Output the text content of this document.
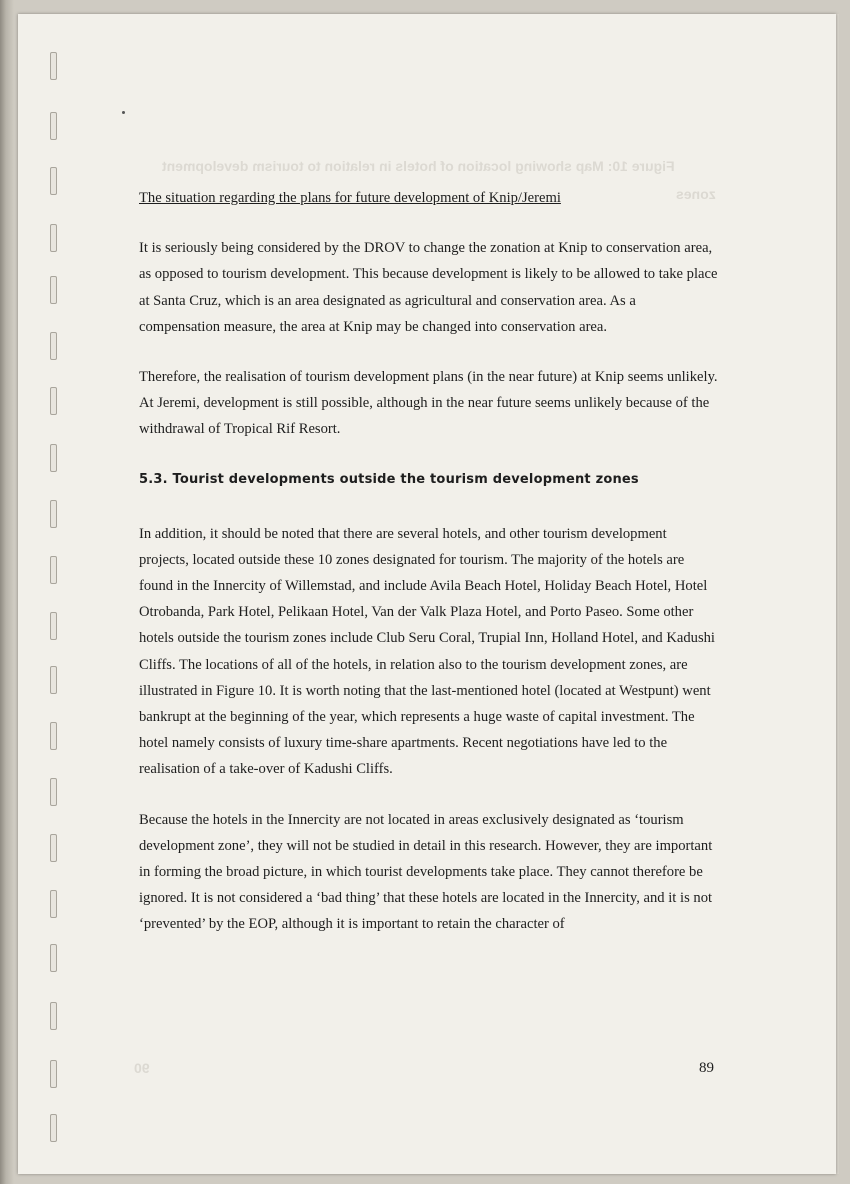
Figure 10: Map showing location of hotels in relation to tourism development
zones
90

The situation regarding the plans for future development of Knip/Jeremi

It is seriously being considered by the DROV to change the zonation at Knip to conservation area, as opposed to tourism development. This because development is likely to be allowed to take place at Santa Cruz, which is an area designated as agricultural and conservation area. As a compensation measure, the area at Knip may be changed into conservation area.

Therefore, the realisation of tourism development plans (in the near future) at Knip seems unlikely. At Jeremi, development is still possible, although in the near future seems unlikely because of the withdrawal of Tropical Rif Resort.

5.3. Tourist developments outside the tourism development zones

In addition, it should be noted that there are several hotels, and other tourism development projects, located outside these 10 zones designated for tourism. The majority of the hotels are found in the Innercity of Willemstad, and include Avila Beach Hotel, Holiday Beach Hotel, Hotel Otrobanda, Park Hotel, Pelikaan Hotel, Van der Valk Plaza Hotel, and Porto Paseo. Some other hotels outside the tourism zones include Club Seru Coral, Trupial Inn, Holland Hotel, and Kadushi Cliffs. The locations of all of the hotels, in relation also to the tourism development zones, are illustrated in Figure 10. It is worth noting that the last-mentioned hotel (located at Westpunt) went bankrupt at the beginning of the year, which represents a huge waste of capital investment. The hotel namely consists of luxury time-share apartments. Recent negotiations have led to the realisation of a take-over of Kadushi Cliffs.

Because the hotels in the Innercity are not located in areas exclusively designated as ‘tourism development zone’, they will not be studied in detail in this research. However, they are important in forming the broad picture, in which tourist developments take place. They cannot therefore be ignored. It is not considered a ‘bad thing’ that these hotels are located in the Innercity, and it is not ‘prevented’ by the EOP, although it is important to retain the character of

89
